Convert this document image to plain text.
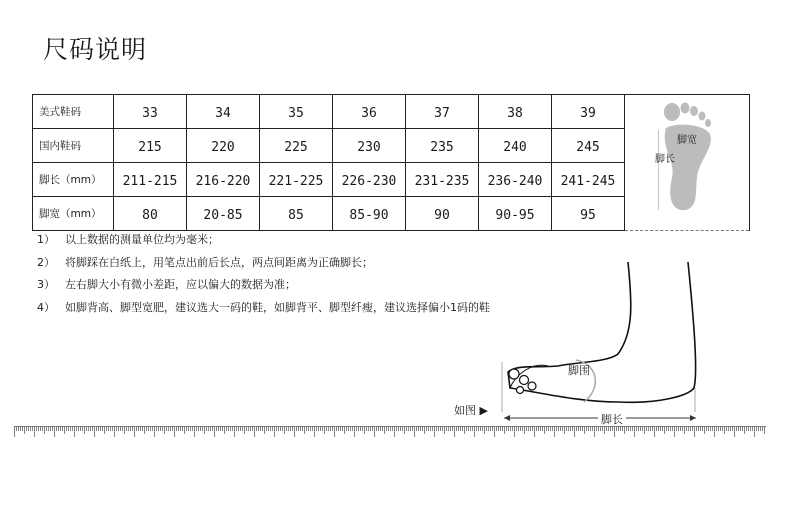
尺码说明
美式鞋码	33	34	35	36	37	38	39	脚宽
脚长

国内鞋码	215	220	225	230	235	240	245	
脚长（mm）	211-215	216-220	221-225	226-230	231-235	236-240	241-245	
脚宽（mm）	80	20-85	85	85-90	90	90-95	95	
1） 以上数据的测量单位均为毫米；
2） 将脚踩在白纸上，用笔点出前后长点，两点间距离为正确脚长；
3） 左右脚大小有微小差距，应以偏大的数据为准；
4） 如脚背高、脚型宽肥，建议选大一码的鞋，如脚背平、脚型纤瘦，建议选择偏小1码的鞋
脚围
如图 ▶
脚长
